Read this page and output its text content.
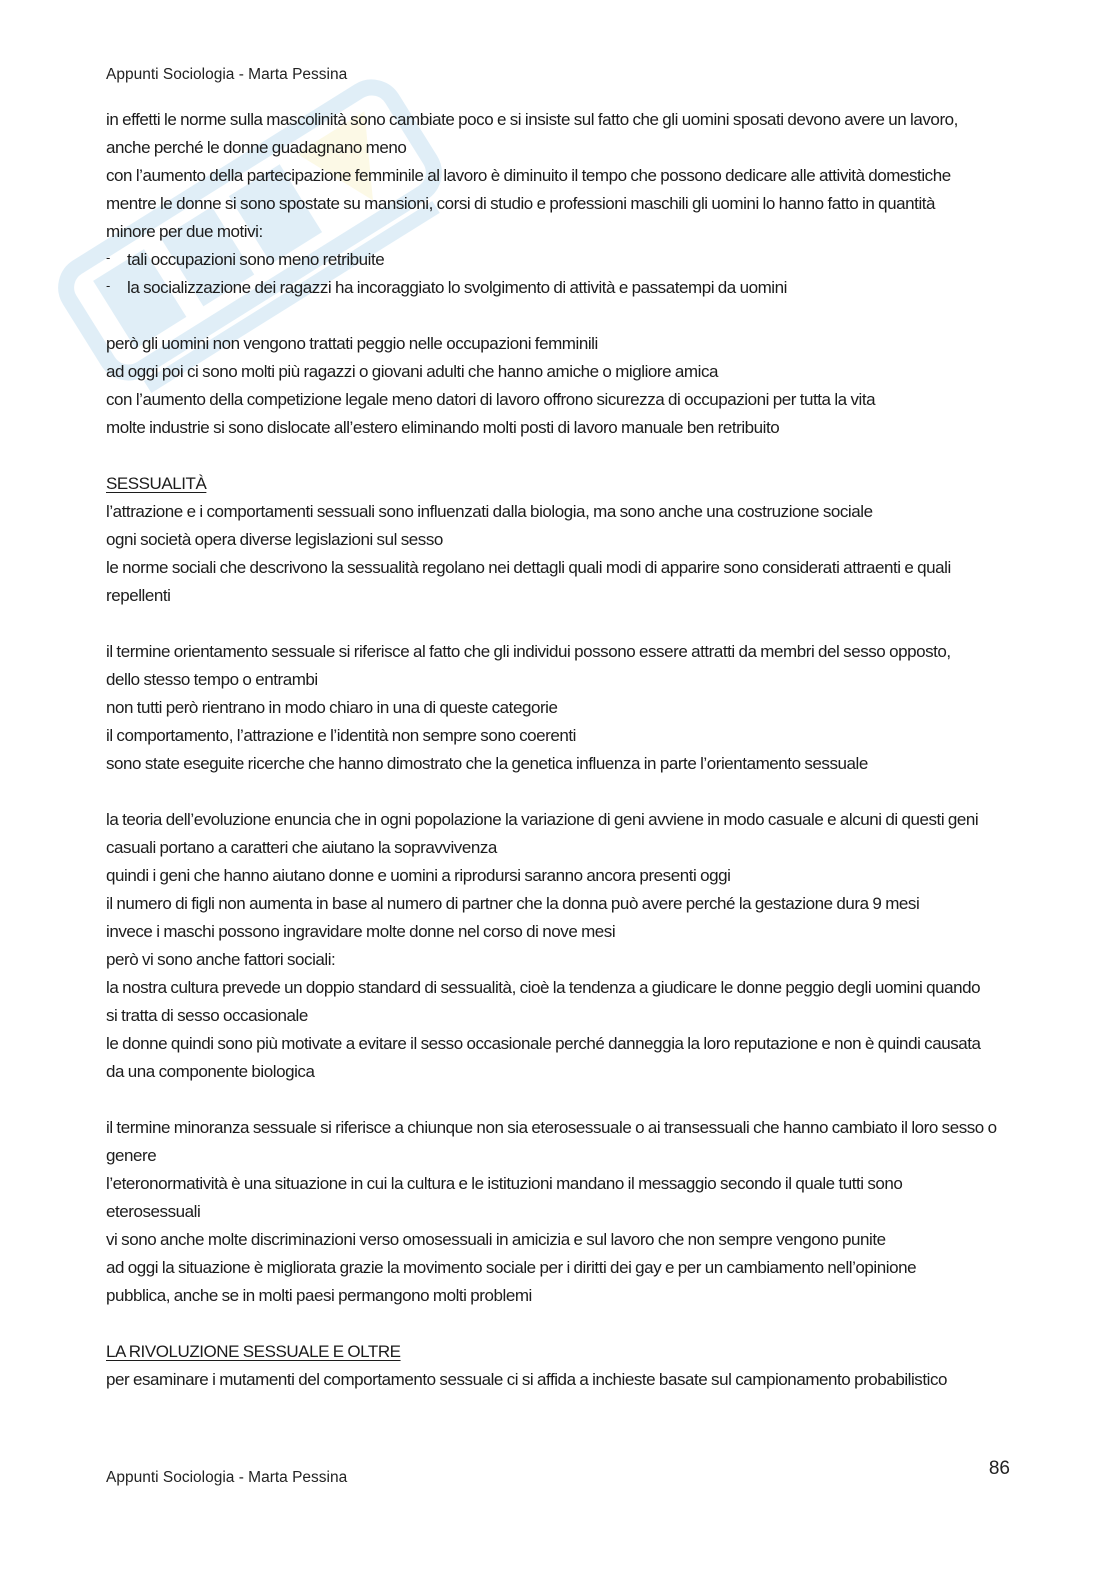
Appunti Sociologia - Marta Pessina

in effetti le norme sulla mascolinità sono cambiate poco e si insiste sul fatto che gli uomini sposati devono avere un lavoro,

anche perché le donne guadagnano meno

con l’aumento della partecipazione femminile al lavoro è diminuito il tempo che possono dedicare alle attività domestiche

mentre le donne si sono spostate su mansioni, corsi di studio e professioni maschili gli uomini lo hanno fatto in quantità

minore per due motivi:

- tali occupazioni sono meno retribuite
- la socializzazione dei ragazzi ha incoraggiato lo svolgimento di attività e passatempi da uomini

però gli uomini non vengono trattati peggio nelle occupazioni femminili

ad oggi poi ci sono molti più ragazzi o giovani adulti che hanno amiche o migliore amica

con l’aumento della competizione legale meno datori di lavoro offrono sicurezza di occupazioni per tutta la vita

molte industrie si sono dislocate all’estero eliminando molti posti di lavoro manuale ben retribuito

SESSUALITÀ

l’attrazione e i comportamenti sessuali sono influenzati dalla biologia, ma sono anche una costruzione sociale

ogni società opera diverse legislazioni sul sesso

le norme sociali che descrivono la sessualità regolano nei dettagli quali modi di apparire sono considerati attraenti e quali

repellenti

il termine orientamento sessuale si riferisce al fatto che gli individui possono essere attratti da membri del sesso opposto,

dello stesso tempo o entrambi

non tutti però rientrano in modo chiaro in una di queste categorie

il comportamento, l’attrazione e l’identità non sempre sono coerenti

sono state eseguite ricerche che hanno dimostrato che la genetica influenza in parte l’orientamento sessuale

la teoria dell’evoluzione enuncia che in ogni popolazione la variazione di geni avviene in modo casuale e alcuni di questi geni

casuali portano a caratteri che aiutano la sopravvivenza

quindi i geni che hanno aiutano donne e uomini a riprodursi saranno ancora presenti oggi

il numero di figli non aumenta in base al numero di partner che la donna può avere perché la gestazione dura 9 mesi

invece i maschi possono ingravidare molte donne nel corso di nove mesi

però vi sono anche fattori sociali:

la nostra cultura prevede un doppio standard di sessualità, cioè la tendenza a giudicare le donne peggio degli uomini quando

si tratta di sesso occasionale

le donne quindi sono più motivate a evitare il sesso occasionale perché danneggia la loro reputazione e non è quindi causata

da una componente biologica

il termine minoranza sessuale si riferisce a chiunque non sia eterosessuale o ai transessuali che hanno cambiato il loro sesso o

genere

l’eteronormatività è una situazione in cui la cultura e le istituzioni mandano il messaggio secondo il quale tutti sono

eterosessuali

vi sono anche molte discriminazioni verso omosessuali in amicizia e sul lavoro che non sempre vengono punite

ad oggi la situazione è migliorata grazie la movimento sociale per i diritti dei gay e per un cambiamento nell’opinione

pubblica, anche se in molti paesi permangono molti problemi

LA RIVOLUZIONE SESSUALE E OLTRE

per esaminare i mutamenti del comportamento sessuale ci si affida a inchieste basate sul campionamento probabilistico

Appunti Sociologia - Marta Pessina	86
